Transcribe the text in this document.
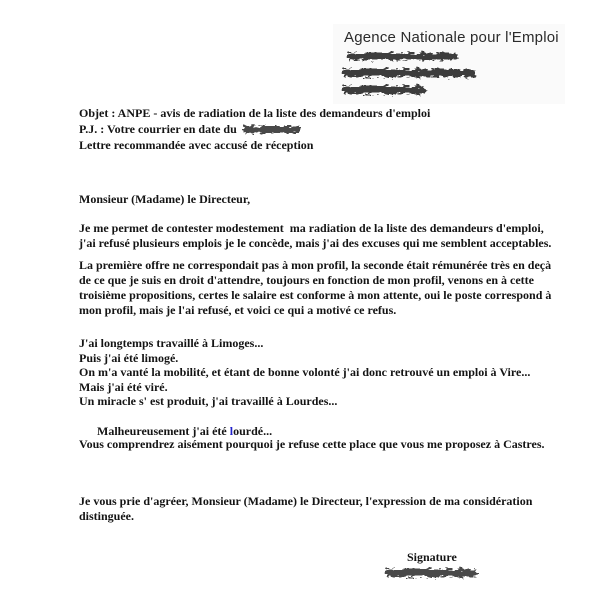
Agence Nationale pour l'Emploi
Objet : ANPE - avis de radiation de la liste des demandeurs d'emploi
P.J. : Votre courrier en date du
Lettre recommandée avec accusé de réception
Monsieur (Madame) le Directeur,
Je me permet de contester modestement  ma radiation de la liste des demandeurs d'emploi,
j'ai refusé plusieurs emplois je le concède, mais j'ai des excuses qui me semblent acceptables.
La première offre ne correspondait pas à mon profil, la seconde était rémunérée très en deçà
de ce que je suis en droit d'attendre, toujours en fonction de mon profil, venons en à cette
troisième propositions, certes le salaire est conforme à mon attente, oui le poste correspond à
mon profil, mais je l'ai refusé, et voici ce qui a motivé ce refus.
J'ai longtemps travaillé à Limoges...
Puis j'ai été limogé.
On m'a vanté la mobilité, et étant de bonne volonté j'ai donc retrouvé un emploi à Vire...
Mais j'ai été viré.
Un miracle s' est produit, j'ai travaillé à Lourdes...

Malheureusement j'ai été lourdé...

Vous comprendrez aisément pourquoi je refuse cette place que vous me proposez à Castres.
Je vous prie d'agréer, Monsieur (Madame) le Directeur, l'expression de ma considération
distinguée.
Signature
